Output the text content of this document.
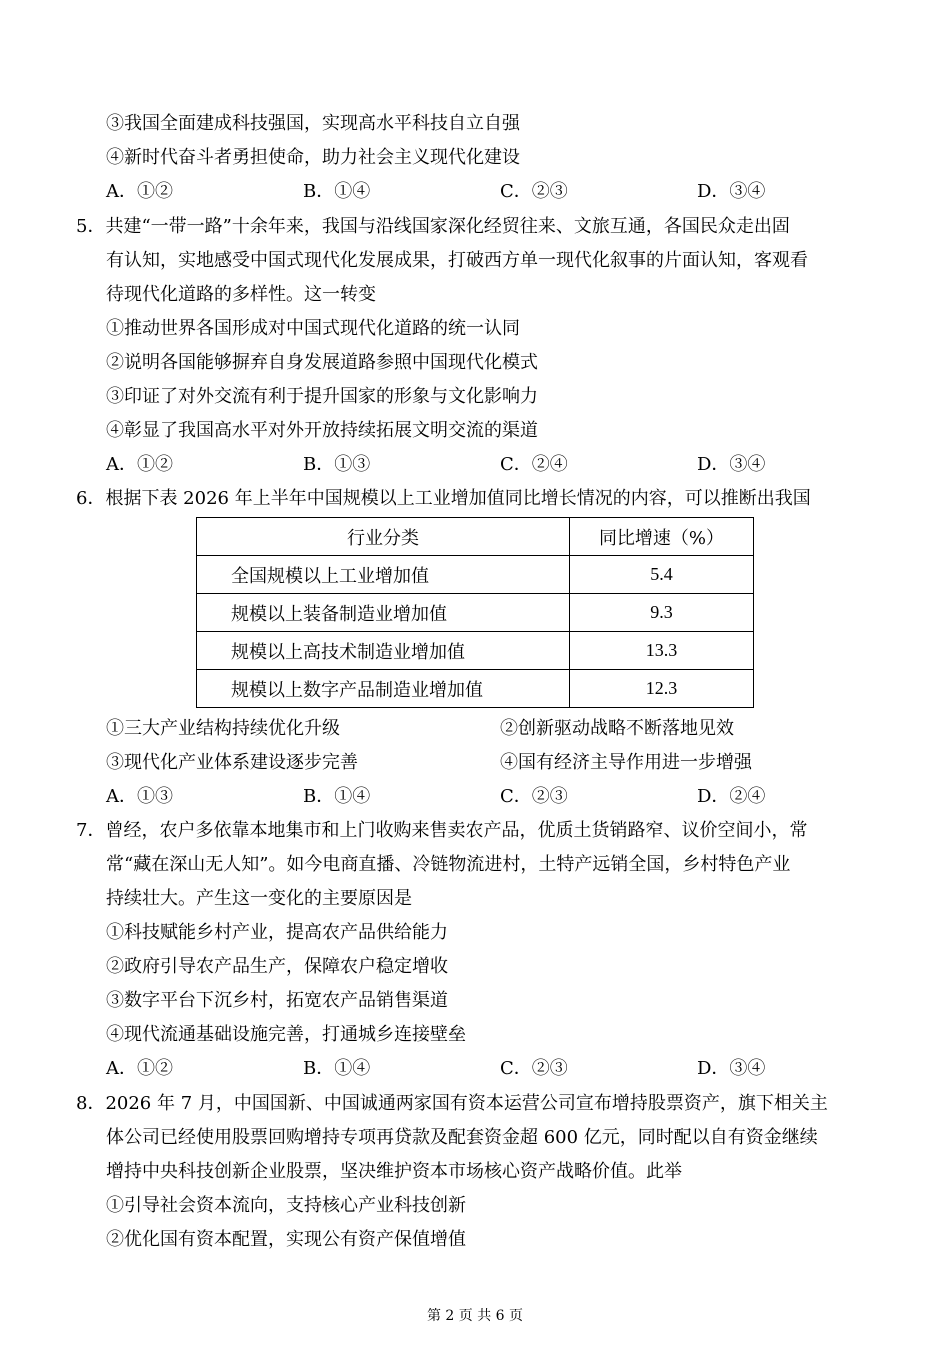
③我国全面建成科技强国，实现高水平科技自立自强
④新时代奋斗者勇担使命，助力社会主义现代化建设
A．①②	B．①④	C．②③	D．③④
5．共建“一带一路”十余年来，我国与沿线国家深化经贸往来、文旅互通，各国民众走出固
有认知，实地感受中国式现代化发展成果，打破西方单一现代化叙事的片面认知，客观看
待现代化道路的多样性。这一转变
①推动世界各国形成对中国式现代化道路的统一认同
②说明各国能够摒弃自身发展道路参照中国现代化模式
③印证了对外交流有利于提升国家的形象与文化影响力
④彰显了我国高水平对外开放持续拓展文明交流的渠道
A．①②	B．①③	C．②④	D．③④
6．根据下表 2026 年上半年中国规模以上工业增加值同比增长情况的内容，可以推断出我国
行业分类	同比增速（%）
全国规模以上工业增加值	5.4
规模以上装备制造业增加值	9.3
规模以上高技术制造业增加值	13.3
规模以上数字产品制造业增加值	12.3
①三大产业结构持续优化升级	②创新驱动战略不断落地见效
③现代化产业体系建设逐步完善	④国有经济主导作用进一步增强
A．①③	B．①④	C．②③	D．②④
7．曾经，农户多依靠本地集市和上门收购来售卖农产品，优质土货销路窄、议价空间小，常
常“藏在深山无人知”。如今电商直播、冷链物流进村，土特产远销全国，乡村特色产业
持续壮大。产生这一变化的主要原因是
①科技赋能乡村产业，提高农产品供给能力
②政府引导农产品生产，保障农户稳定增收
③数字平台下沉乡村，拓宽农产品销售渠道
④现代流通基础设施完善，打通城乡连接壁垒
A．①②	B．①④	C．②③	D．③④
8．2026 年 7 月，中国国新、中国诚通两家国有资本运营公司宣布增持股票资产，旗下相关主
体公司已经使用股票回购增持专项再贷款及配套资金超 600 亿元，同时配以自有资金继续
增持中央科技创新企业股票，坚决维护资本市场核心资产战略价值。此举
①引导社会资本流向，支持核心产业科技创新
②优化国有资本配置，实现公有资产保值增值
第 2 页 共 6 页
